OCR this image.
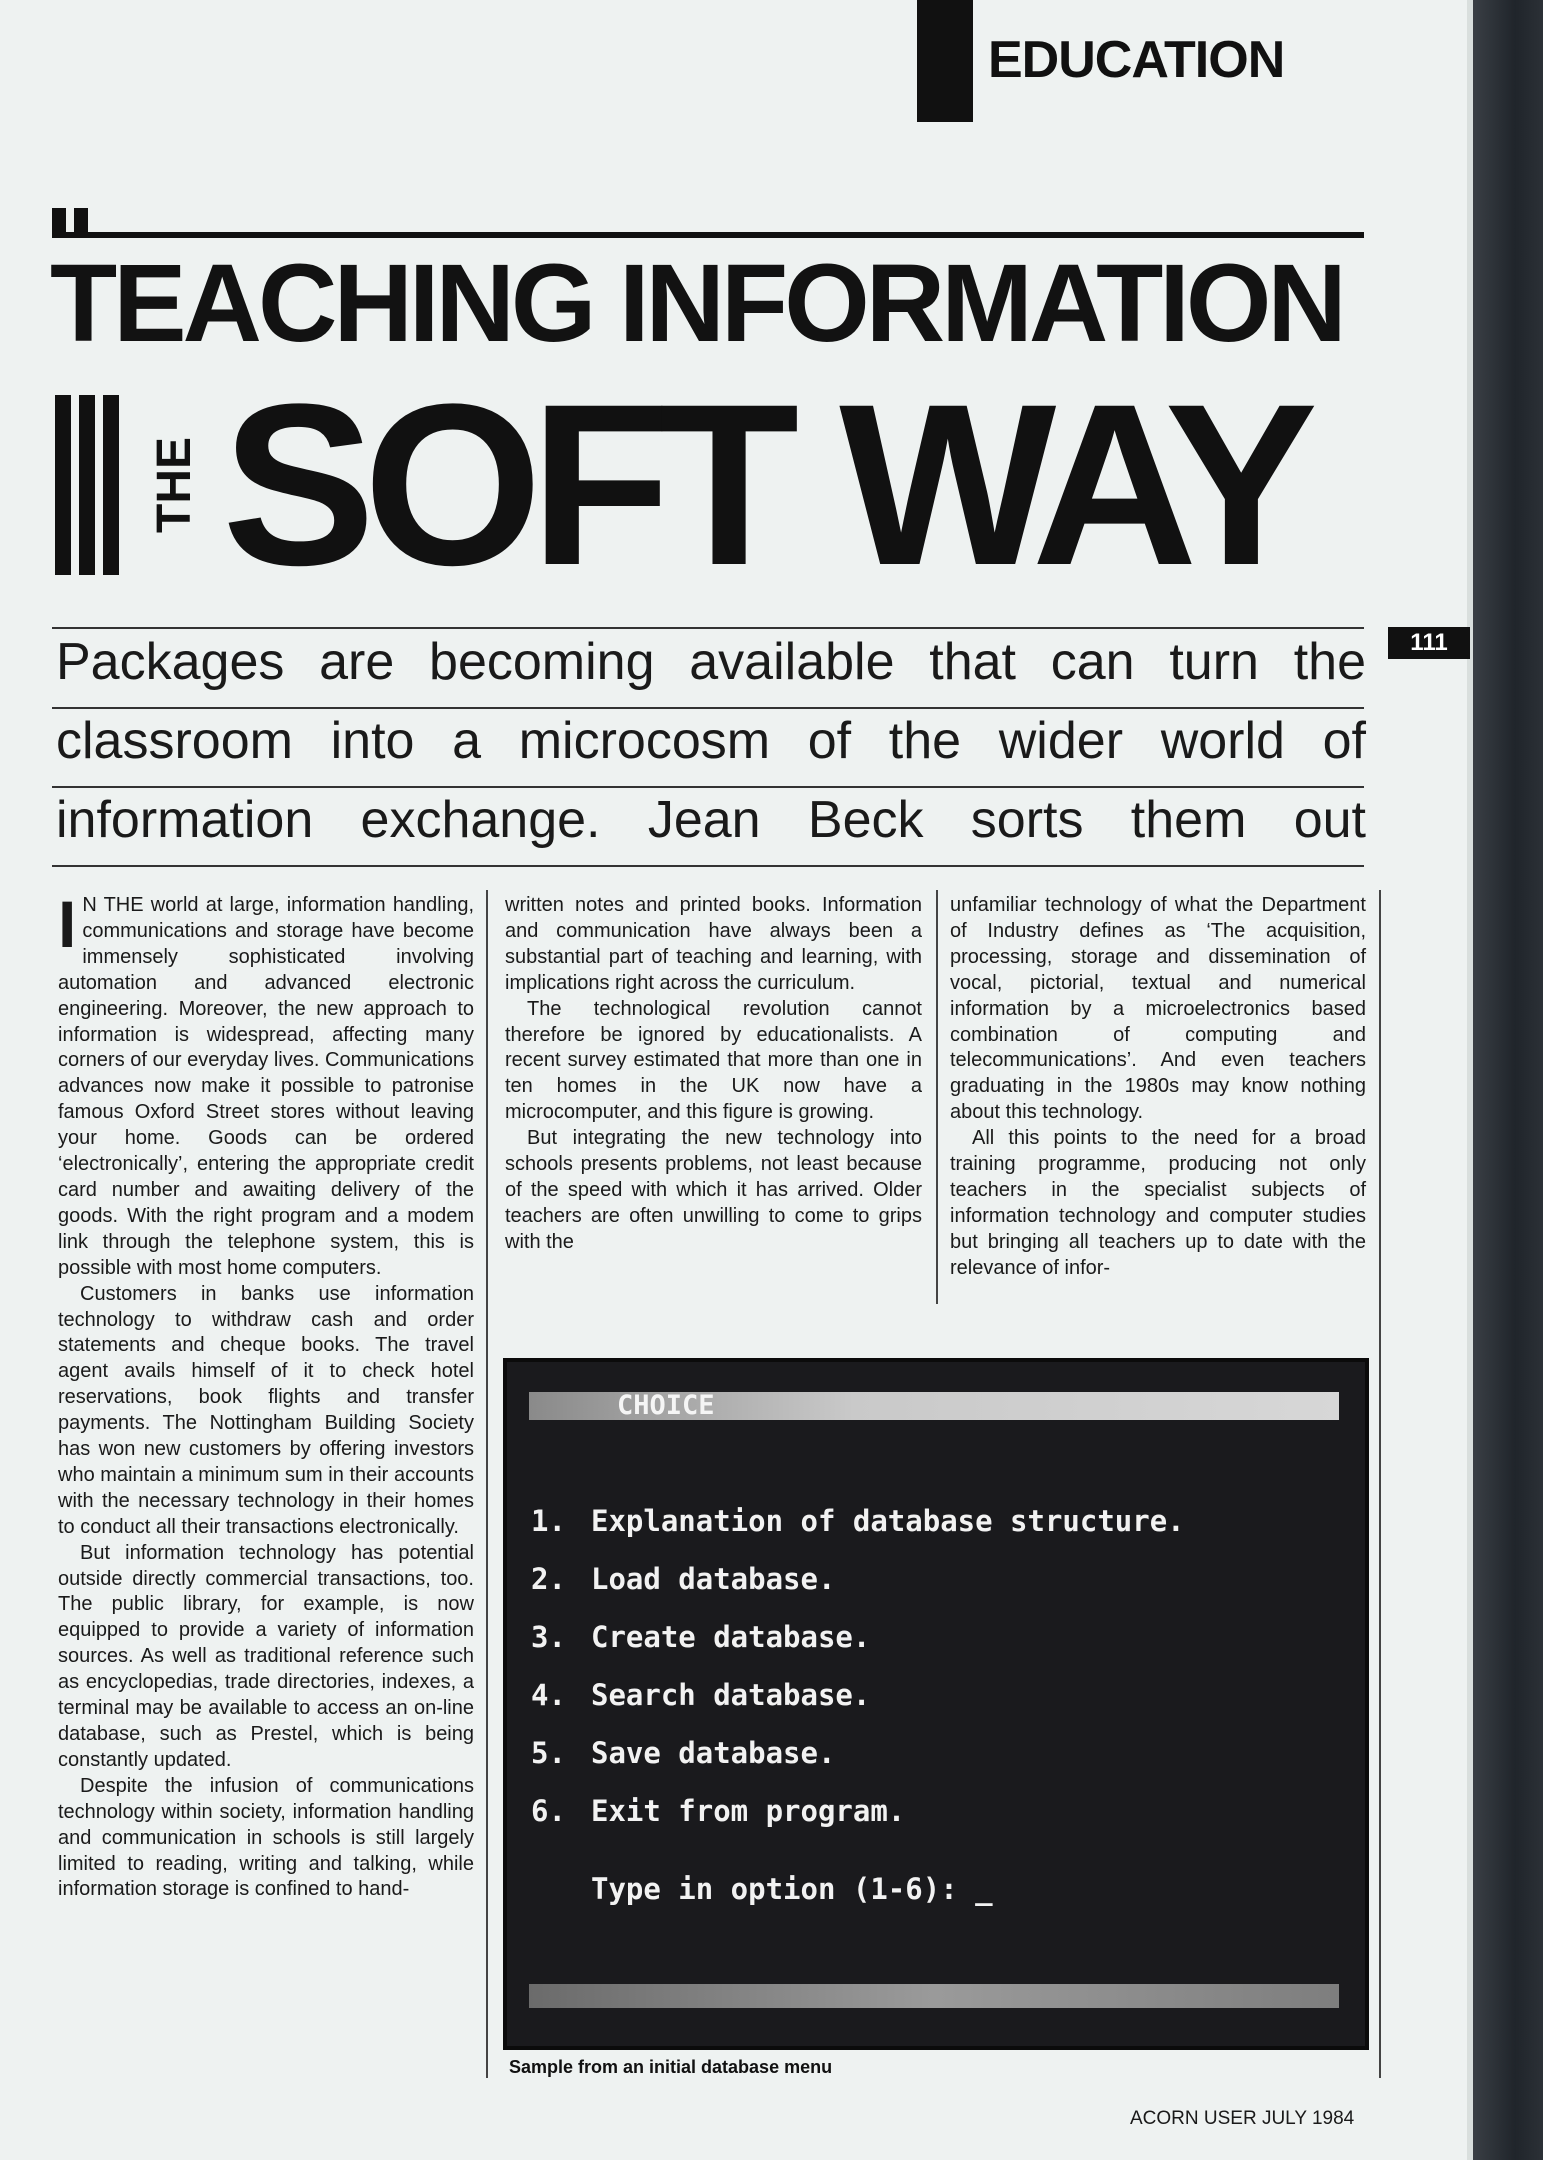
EDUCATION
TEACHING INFORMATION
THE SOFT WAY
Packages are becoming available that can turn the
classroom into a microcosm of the wider world of
information exchange. Jean Beck sorts them out
111

I N THE world at large, information handling, communications and storage have become immensely sophisticated involving automation and advanced electronic engineering. Moreover, the new approach to information is widespread, affecting many corners of our everyday lives. Communications advances now make it possible to patronise famous Oxford Street stores without leaving your home. Goods can be ordered ‘electronically’, entering the appropriate credit card number and awaiting delivery of the goods. With the right program and a modem link through the telephone system, this is possible with most home computers.

Customers in banks use information technology to withdraw cash and order statements and cheque books. The travel agent avails himself of it to check hotel reservations, book flights and transfer payments. The Nottingham Building Society has won new customers by offering investors who maintain a minimum sum in their accounts with the necessary technology in their homes to conduct all their transactions electronically.

But information technology has potential outside directly commercial transactions, too. The public library, for example, is now equipped to provide a variety of information sources. As well as traditional reference such as encyclopedias, trade directories, indexes, a terminal may be available to access an on-line database, such as Prestel, which is being constantly updated.

Despite the infusion of communications technology within society, information handling and communication in schools is still largely limited to reading, writing and talking, while information storage is confined to hand-

written notes and printed books. Information and communication have always been a substantial part of teaching and learning, with implications right across the curriculum.

The technological revolution cannot therefore be ignored by educationalists. A recent survey estimated that more than one in ten homes in the UK now have a microcomputer, and this figure is growing.

But integrating the new technology into schools presents problems, not least because of the speed with which it has arrived. Older teachers are often unwilling to come to grips with the

unfamiliar technology of what the Department of Industry defines as ‘The acquisition, processing, storage and dissemination of vocal, pictorial, textual and numerical information by a microelectronics based combination of computing and telecommunications’. And even teachers graduating in the 1980s may know nothing about this technology.

All this points to the need for a broad training programme, producing not only teachers in the specialist subjects of information technology and computer studies but bringing all teachers up to date with the relevance of infor-

CHOICE
1. Explanation of database structure.
2. Load database.
3. Create database.
4. Search database.
5. Save database.
6. Exit from program.
Type in option (1-6): _
Sample from an initial database menu
ACORN USER JULY 1984
